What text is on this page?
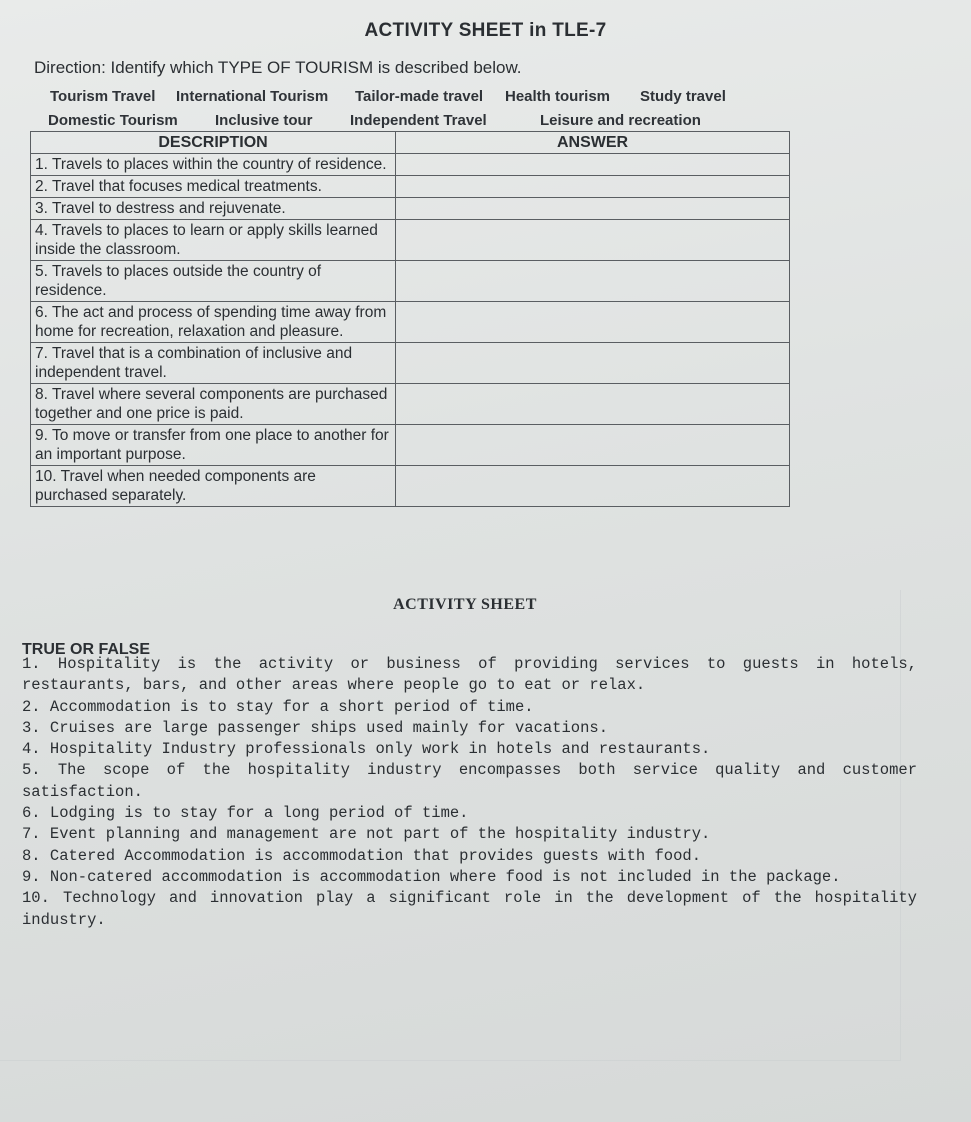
ACTIVITY SHEET in TLE-7
Direction: Identify which TYPE OF TOURISM is described below.
Tourism Travel International Tourism Tailor-made travel Health tourism Study travel
Domestic Tourism Inclusive tour Independent Travel	Leisure and recreation
DESCRIPTION	ANSWER
1. Travels to places within the country of residence.	
2. Travel that focuses medical treatments.	
3. Travel to destress and rejuvenate.	
4. Travels to places to learn or apply skills learned inside the classroom.	
5. Travels to places outside the country of residence.	
6. The act and process of spending time away from home for recreation, relaxation and pleasure.	
7. Travel that is a combination of inclusive and independent travel.	
8. Travel where several components are purchased together and one price is paid.	
9. To move or transfer from one place to another for an important purpose.	
10. Travel when needed components are purchased separately.	
ACTIVITY SHEET
TRUE OR FALSE

1. Hospitality is the activity or business of providing services to guests in hotels, restaurants, bars, and other areas where people go to eat or relax.

2. Accommodation is to stay for a short period of time.

3. Cruises are large passenger ships used mainly for vacations.

4. Hospitality Industry professionals only work in hotels and restaurants.

5. The scope of the hospitality industry encompasses both service quality and customer satisfaction.

6. Lodging is to stay for a long period of time.

7. Event planning and management are not part of the hospitality industry.

8. Catered Accommodation is accommodation that provides guests with food.

9. Non-catered accommodation is accommodation where food is not included in the package.

10. Technology and innovation play a significant role in the development of the hospitality industry.
